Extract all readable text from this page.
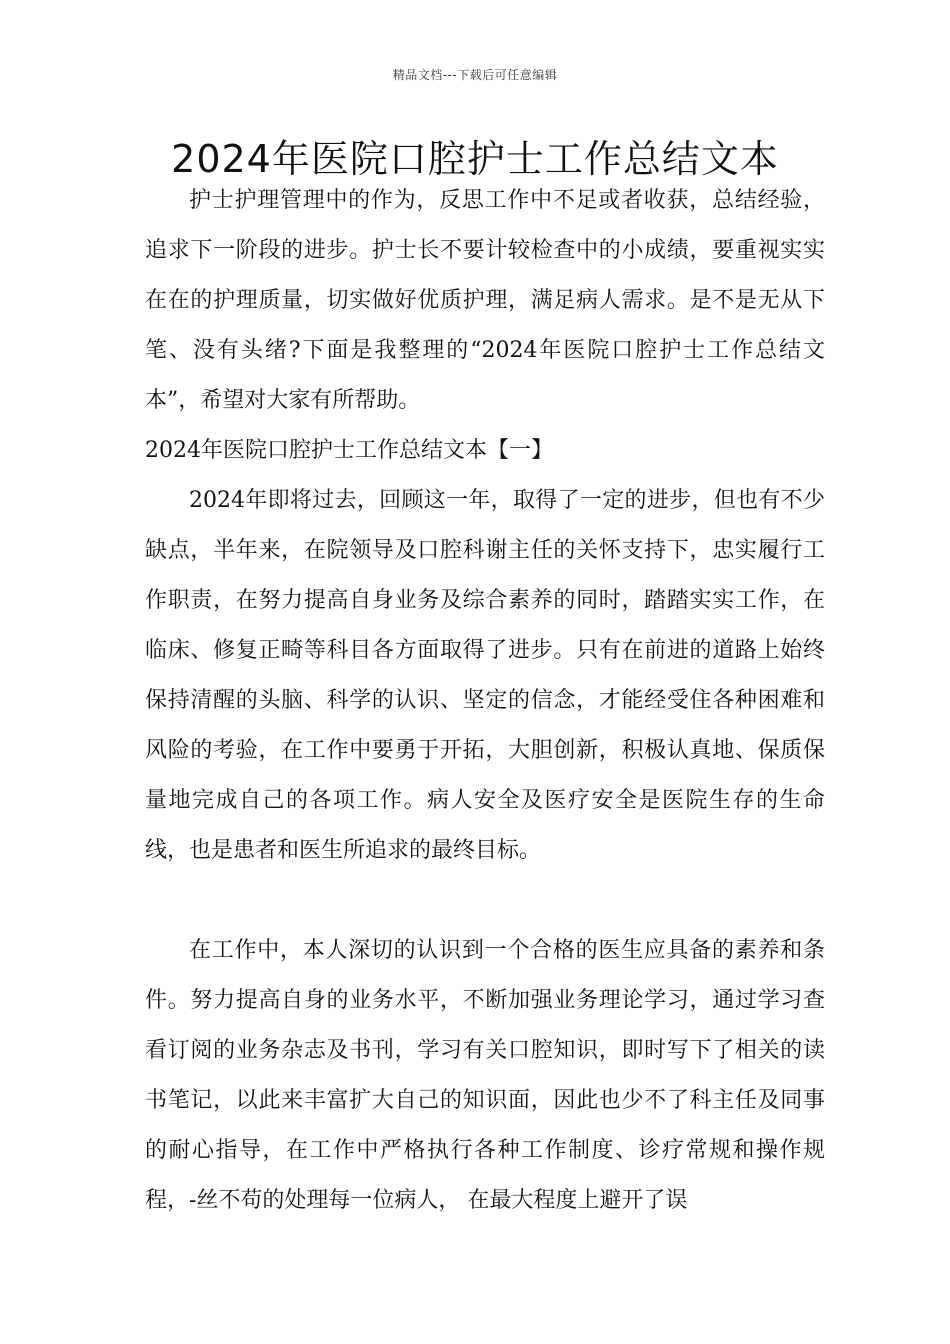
精品文档---下载后可任意编辑
2024年医院口腔护士工作总结文本

护士护理管理中的作为，反思工作中不足或者收获，总结经验，追求下一阶段的进步。护士长不要计较检查中的小成绩，要重视实实在在的护理质量，切实做好优质护理，满足病人需求。是不是无从下笔、没有头绪?下面是我整理的“2024年医院口腔护士工作总结文本”，希望对大家有所帮助。

2024年医院口腔护士工作总结文本【一】

2024年即将过去，回顾这一年，取得了一定的进步，但也有不少缺点，半年来，在院领导及口腔科谢主任的关怀支持下，忠实履行工作职责，在努力提高自身业务及综合素养的同时，踏踏实实工作，在临床、修复正畸等科目各方面取得了进步。只有在前进的道路上始终保持清醒的头脑、科学的认识、坚定的信念，才能经受住各种困难和风险的考验，在工作中要勇于开拓，大胆创新，积极认真地、保质保量地完成自己的各项工作。病人安全及医疗安全是医院生存的生命线，也是患者和医生所追求的最终目标。

在工作中，本人深切的认识到一个合格的医生应具备的素养和条件。努力提高自身的业务水平，不断加强业务理论学习，通过学习查看订阅的业务杂志及书刊，学习有关口腔知识，即时写下了相关的读书笔记，以此来丰富扩大自己的知识面，因此也少不了科主任及同事的耐心指导，在工作中严格执行各种工作制度、诊疗常规和操作规程，-丝不苟的处理每一位病人， 在最大程度上避开了误
